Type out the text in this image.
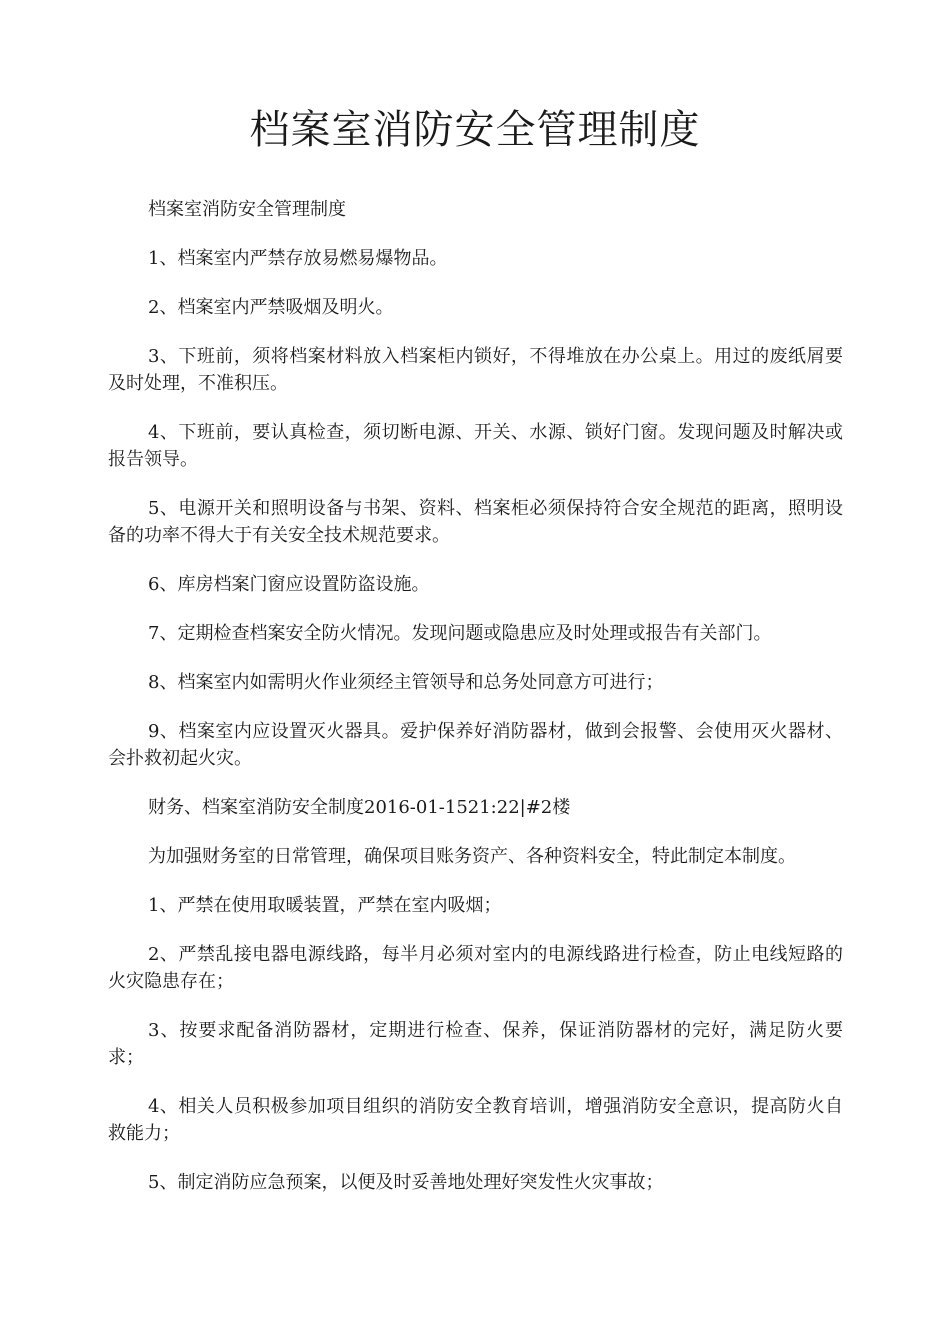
档案室消防安全管理制度

档案室消防安全管理制度

1、档案室内严禁存放易燃易爆物品。

2、档案室内严禁吸烟及明火。

3、下班前，须将档案材料放入档案柜内锁好，不得堆放在办公桌上。用过的废纸屑要及时处理，不准积压。

4、下班前，要认真检查，须切断电源、开关、水源、锁好门窗。发现问题及时解决或报告领导。

5、电源开关和照明设备与书架、资料、档案柜必须保持符合安全规范的距离，照明设备的功率不得大于有关安全技术规范要求。

6、库房档案门窗应设置防盗设施。

7、定期检查档案安全防火情况。发现问题或隐患应及时处理或报告有关部门。

8、档案室内如需明火作业须经主管领导和总务处同意方可进行；

9、档案室内应设置灭火器具。爱护保养好消防器材，做到会报警、会使用灭火器材、会扑救初起火灾。

财务、档案室消防安全制度2016-01-1521:22|#2楼

为加强财务室的日常管理，确保项目账务资产、各种资料安全，特此制定本制度。

1、严禁在使用取暖装置，严禁在室内吸烟；

2、严禁乱接电器电源线路，每半月必须对室内的电源线路进行检查，防止电线短路的火灾隐患存在；

3、按要求配备消防器材，定期进行检查、保养，保证消防器材的完好，满足防火要求；

4、相关人员积极参加项目组织的消防安全教育培训，增强消防安全意识，提高防火自救能力；

5、制定消防应急预案，以便及时妥善地处理好突发性火灾事故；
